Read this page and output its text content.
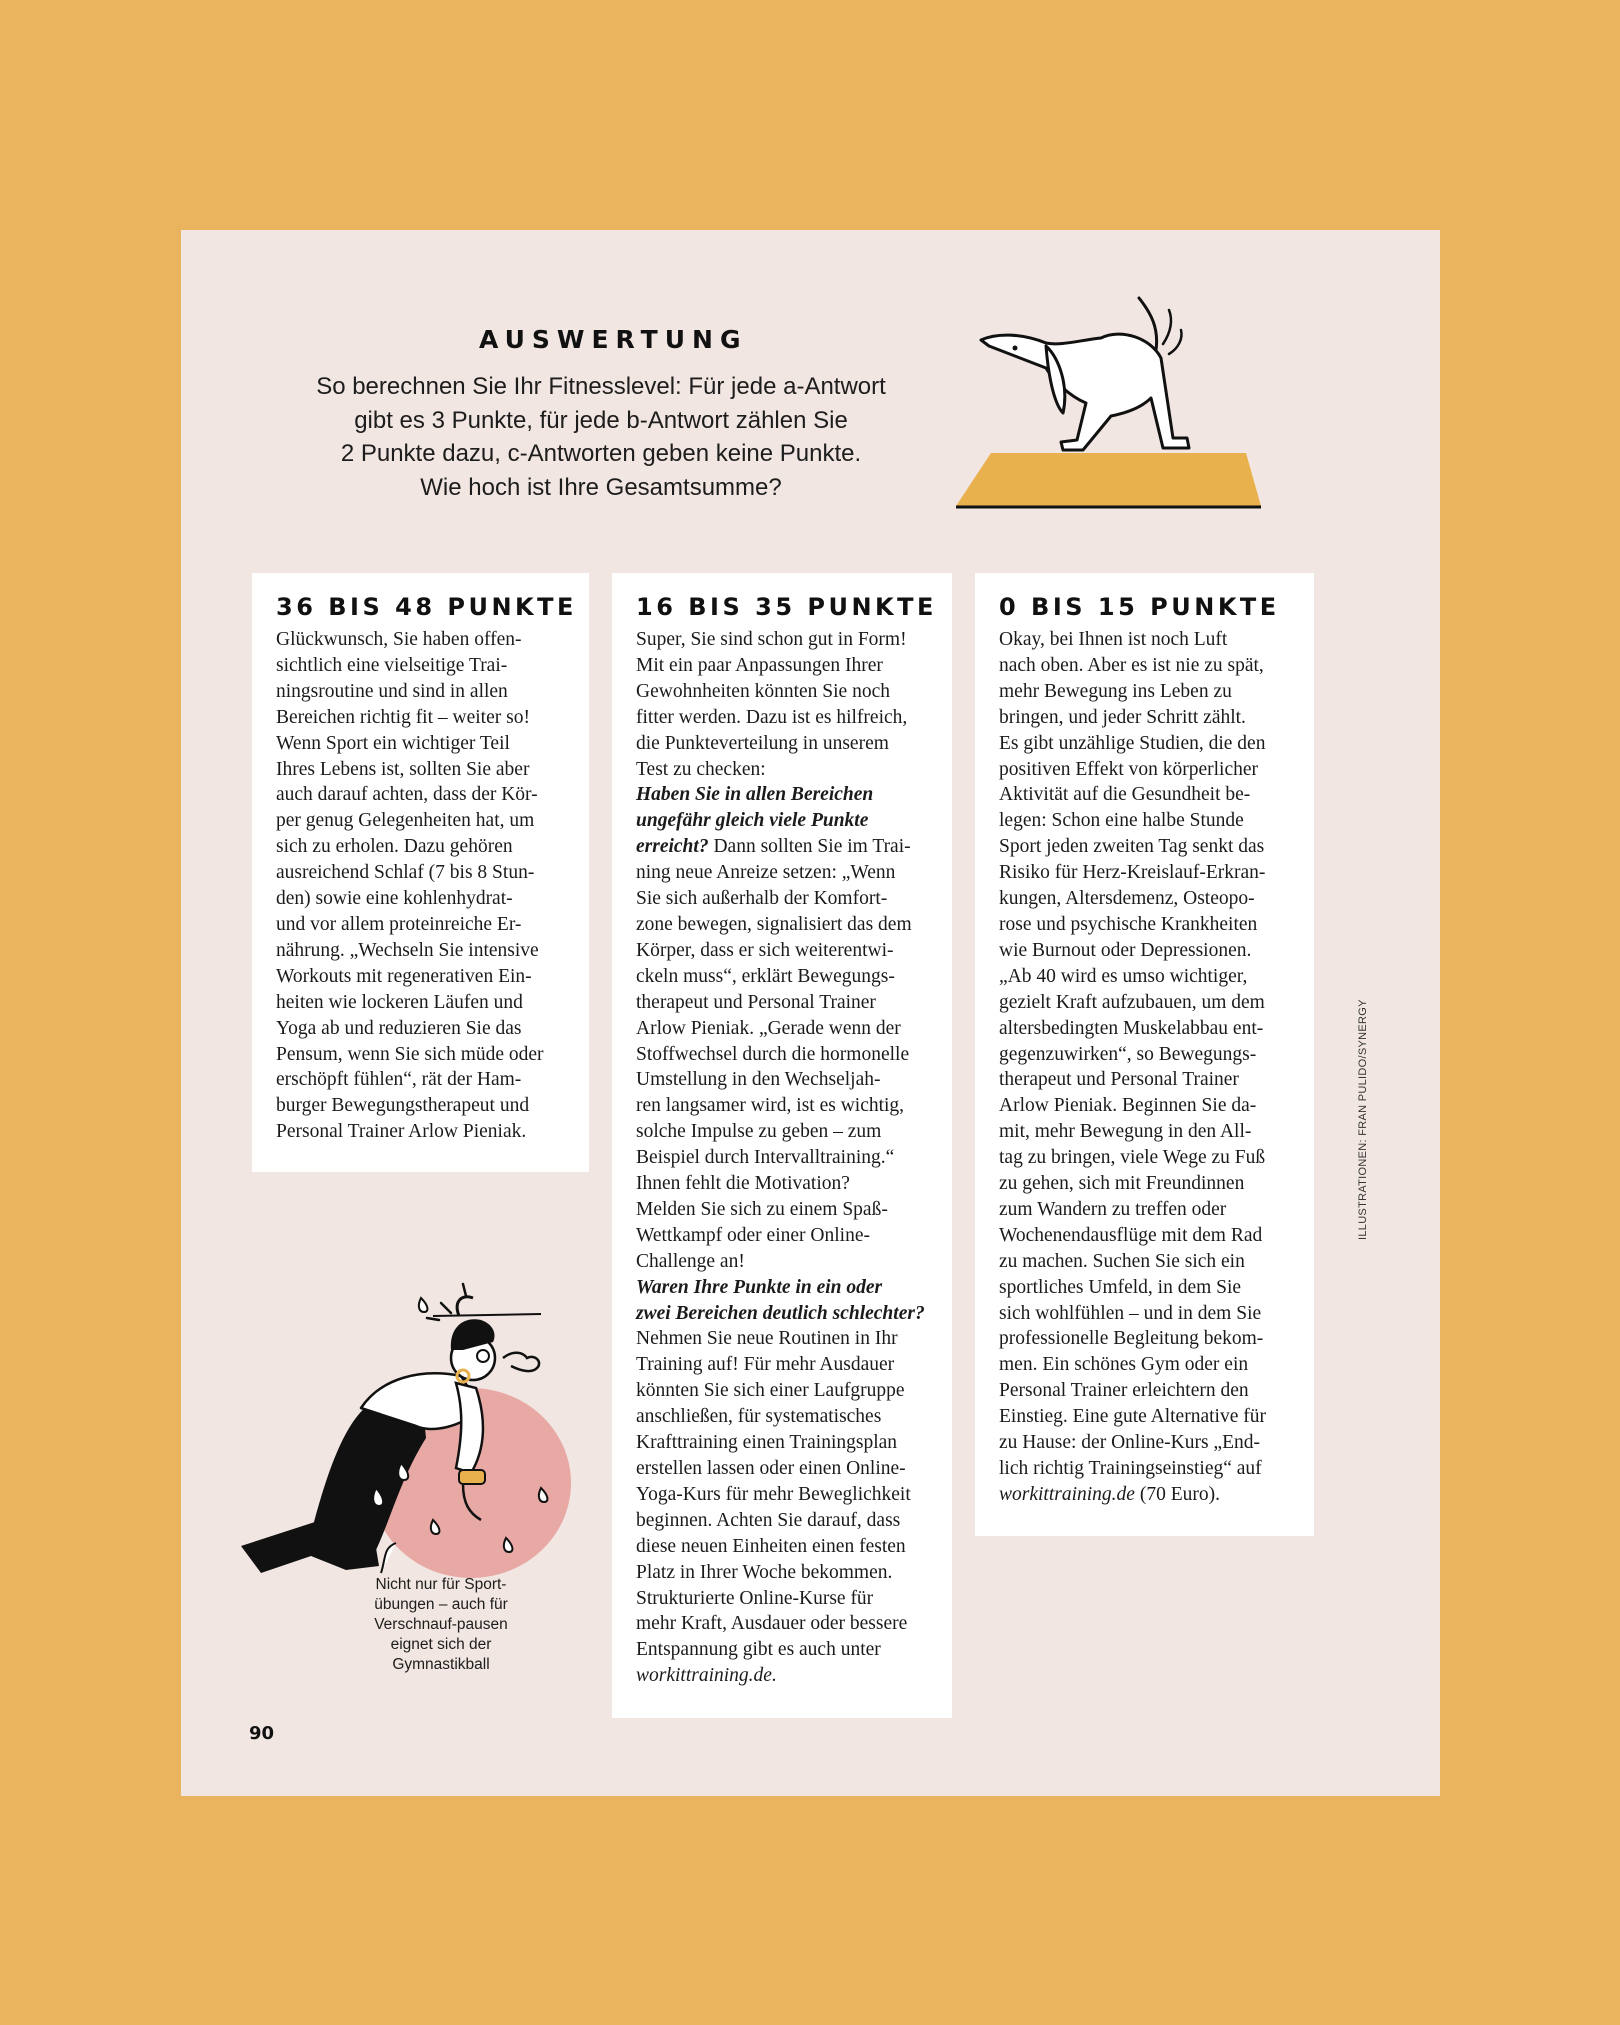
AUSWERTUNG
So berechnen Sie Ihr Fitnesslevel: Für jede a-Antwort
gibt es 3 Punkte, für jede b-Antwort zählen Sie
2 Punkte dazu, c-Antworten geben keine Punkte.
Wie hoch ist Ihre Gesamtsumme?
36 BIS 48 PUNKTE
Glückwunsch, Sie haben offen-
sichtlich eine vielseitige Trai-
ningsroutine und sind in allen
Bereichen richtig fit – weiter so!
Wenn Sport ein wichtiger Teil
Ihres Lebens ist, sollten Sie aber
auch darauf achten, dass der Kör-
per genug Gelegenheiten hat, um
sich zu erholen. Dazu gehören
ausreichend Schlaf (7 bis 8 Stun-
den) sowie eine kohlenhydrat-
und vor allem proteinreiche Er-
nährung. „Wechseln Sie intensive
Workouts mit regenerativen Ein-
heiten wie lockeren Läufen und
Yoga ab und reduzieren Sie das
Pensum, wenn Sie sich müde oder
erschöpft fühlen“, rät der Ham-
burger Bewegungstherapeut und
Personal Trainer Arlow Pieniak.
16 BIS 35 PUNKTE
Super, Sie sind schon gut in Form!
Mit ein paar Anpassungen Ihrer
Gewohnheiten könnten Sie noch
fitter werden. Dazu ist es hilfreich,
die Punkteverteilung in unserem
Test zu checken:
Haben Sie in allen Bereichen
ungefähr gleich viele Punkte
erreicht? Dann sollten Sie im Trai-
ning neue Anreize setzen: „Wenn
Sie sich außerhalb der Komfort-
zone bewegen, signalisiert das dem
Körper, dass er sich weiterentwi-
ckeln muss“, erklärt Bewegungs-
therapeut und Personal Trainer
Arlow Pieniak. „Gerade wenn der
Stoffwechsel durch die hormonelle
Umstellung in den Wechseljah-
ren langsamer wird, ist es wichtig,
solche Impulse zu geben – zum
Beispiel durch Intervalltraining.“
Ihnen fehlt die Motivation?
Melden Sie sich zu einem Spaß-
Wettkampf oder einer Online-
Challenge an!
Waren Ihre Punkte in ein oder
zwei Bereichen deutlich schlechter?
Nehmen Sie neue Routinen in Ihr
Training auf! Für mehr Ausdauer
könnten Sie sich einer Laufgruppe
anschließen, für systematisches
Krafttraining einen Trainingsplan
erstellen lassen oder einen Online-
Yoga-Kurs für mehr Beweglichkeit
beginnen. Achten Sie darauf, dass
diese neuen Einheiten einen festen
Platz in Ihrer Woche bekommen.
Strukturierte Online-Kurse für
mehr Kraft, Ausdauer oder bessere
Entspannung gibt es auch unter
workittraining.de.
0 BIS 15 PUNKTE
Okay, bei Ihnen ist noch Luft
nach oben. Aber es ist nie zu spät,
mehr Bewegung ins Leben zu
bringen, und jeder Schritt zählt.
Es gibt unzählige Studien, die den
positiven Effekt von körperlicher
Aktivität auf die Gesundheit be-
legen: Schon eine halbe Stunde
Sport jeden zweiten Tag senkt das
Risiko für Herz-Kreislauf-Erkran-
kungen, Altersdemenz, Osteopo-
rose und psychische Krankheiten
wie Burnout oder Depressionen.
„Ab 40 wird es umso wichtiger,
gezielt Kraft aufzubauen, um dem
altersbedingten Muskelabbau ent-
gegenzuwirken“, so Bewegungs-
therapeut und Personal Trainer
Arlow Pieniak. Beginnen Sie da-
mit, mehr Bewegung in den All-
tag zu bringen, viele Wege zu Fuß
zu gehen, sich mit Freundinnen
zum Wandern zu treffen oder
Wochenendausflüge mit dem Rad
zu machen. Suchen Sie sich ein
sportliches Umfeld, in dem Sie
sich wohlfühlen – und in dem Sie
professionelle Begleitung bekom-
men. Ein schönes Gym oder ein
Personal Trainer erleichtern den
Einstieg. Eine gute Alternative für
zu Hause: der Online-Kurs „End-
lich richtig Trainingseinstieg“ auf
workittraining.de (70 Euro).
Nicht nur für Sport-
übungen – auch für
Verschnauf-pausen
eignet sich der
Gymnastikball
90
ILLUSTRATIONEN: FRAN PULIDO/SYNERGY
